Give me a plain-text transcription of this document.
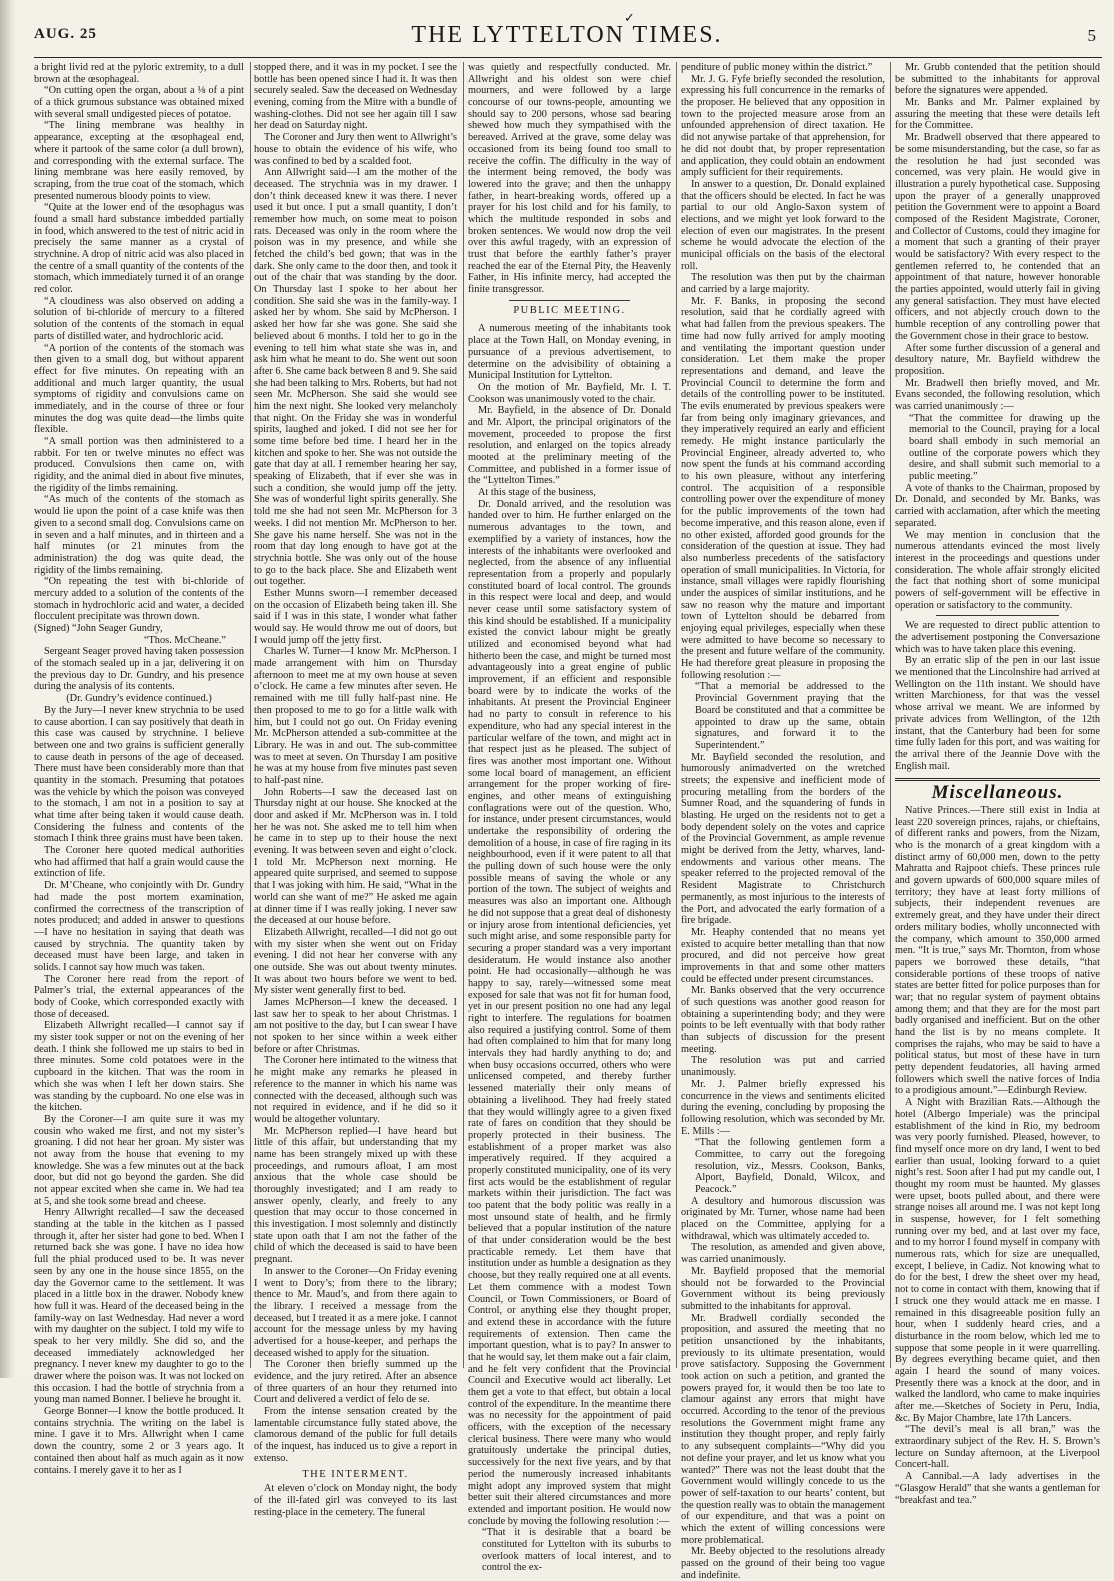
AUG. 25
✓
THE LYTTELTON TIMES.	5

a bright livid red at the pyloric extremity, to a dull brown at the œsophageal.

“On cutting open the organ, about a ⅛ of a pint of a thick grumous substance was obtained mixed with several small undigested pieces of potatoe.

“The lining membrane was healthy in appearance, excepting at the œsophageal end, where it partook of the same color (a dull brown), and corresponding with the external surface. The lining membrane was here easily removed, by scraping, from the true coat of the stomach, which presented numerous bloody points to view.

“Quite at the lower end of the œsophagus was found a small hard substance imbedded partially in food, which answered to the test of nitric acid in precisely the same manner as a crystal of strychnine. A drop of nitric acid was also placed in the centre of a small quantity of the contents of the stomach, which immediately turned it of an orange red color.

“A cloudiness was also observed on adding a solution of bi-chloride of mercury to a filtered solution of the contents of the stomach in equal parts of distilled water, and hydrochloric acid.

“A portion of the contents of the stomach was then given to a small dog, but without apparent effect for five minutes. On repeating with an additional and much larger quantity, the usual symptoms of rigidity and convulsions came on immediately, and in the course of three or four minutes the dog was quite dead—the limbs quite flexible.

“A small portion was then administered to a rabbit. For ten or twelve minutes no effect was produced. Convulsions then came on, with rigidity, and the animal died in about five minutes, the rigidity of the limbs remaining.

“As much of the contents of the stomach as would lie upon the point of a case knife was then given to a second small dog. Convulsions came on in seven and a half minutes, and in thirteen and a half minutes (or 21 minutes from the administration) the dog was quite dead, the rigidity of the limbs remaining.

“On repeating the test with bi-chloride of mercury added to a solution of the contents of the stomach in hydrochloric acid and water, a decided flocculent precipitate was thrown down.

(Signed) “John Seager Gundry,

“Thos. McCheane.”

Sergeant Seager proved having taken possession of the stomach sealed up in a jar, delivering it on the previous day to Dr. Gundry, and his presence during the analysis of its contents.

(Dr. Gundry’s evidence continued.)

By the Jury—I never knew strychnia to be used to cause abortion. I can say positively that death in this case was caused by strychnine. I believe between one and two grains is sufficient generally to cause death in persons of the age of deceased. There must have been considerably more than that quantity in the stomach. Presuming that potatoes was the vehicle by which the poison was conveyed to the stomach, I am not in a position to say at what time after being taken it would cause death. Considering the fulness and contents of the stomach I think three grains must have been taken.

The Coroner here quoted medical authorities who had affirmed that half a grain would cause the extinction of life.

Dr. M’Cheane, who conjointly with Dr. Gundry had made the post mortem examination, confirmed the correctness of the transcription of notes produced; and added in answer to questions—I have no hesitation in saying that death was caused by strychnia. The quantity taken by deceased must have been large, and taken in solids. I cannot say how much was taken.

The Coroner here read from the report of Palmer’s trial, the external appearances of the body of Cooke, which corresponded exactly with those of deceased.

Elizabeth Allwright recalled—I cannot say if my sister took supper or not on the evening of her death. I think she followed me up stairs to bed in three minutes. Some cold potatoes were in the cupboard in the kitchen. That was the room in which she was when I left her down stairs. She was standing by the cupboard. No one else was in the kitchen.

By the Coroner—I am quite sure it was my cousin who waked me first, and not my sister’s groaning. I did not hear her groan. My sister was not away from the house that evening to my knowledge. She was a few minutes out at the back door, but did not go beyond the garden. She did not appear excited when she came in. We had tea at 5, and she took some bread and cheese.

Henry Allwright recalled—I saw the deceased standing at the table in the kitchen as I passed through it, after her sister had gone to bed. When I returned back she was gone. I have no idea how full the phial produced used to be. It was never seen by any one in the house since 1855, on the day the Governor came to the settlement. It was placed in a little box in the drawer. Nobody knew how full it was. Heard of the deceased being in the family-way on last Wednesday. Had never a word with my daughter on the subject. I told my wife to speak to her very mildly. She did so, and the deceased immediately acknowledged her pregnancy. I never knew my daughter to go to the drawer where the poison was. It was not locked on this occasion. I had the bottle of strychnia from a young man named Bonner. I believe he brought it.

George Bonner—I know the bottle produced. It contains strychnia. The writing on the label is mine. I gave it to Mrs. Allwright when I came down the country, some 2 or 3 years ago. It contained then about half as much again as it now contains. I merely gave it to her as I

stopped there, and it was in my pocket. I see the bottle has been opened since I had it. It was then securely sealed. Saw the deceased on Wednesday evening, coming from the Mitre with a bundle of washing-clothes. Did not see her again till I saw her dead on Saturday night.

The Coroner and Jury then went to Allwright’s house to obtain the evidence of his wife, who was confined to bed by a scalded foot.

Ann Allwright said—I am the mother of the deceased. The strychnia was in my drawer. I don’t think deceased knew it was there. I never used it but once. I put a small quantity, I don’t remember how much, on some meat to poison rats. Deceased was only in the room where the poison was in my presence, and while she fetched the child’s bed gown; that was in the dark. She only came to the door then, and took it out of the chair that was standing by the door. On Thursday last I spoke to her about her condition. She said she was in the family-way. I asked her by whom. She said by McPherson. I asked her how far she was gone. She said she believed about 6 months. I told her to go in the evening to tell him what state she was in, and ask him what he meant to do. She went out soon after 6. She came back between 8 and 9. She said she had been talking to Mrs. Roberts, but had not seen Mr. McPherson. She said she would see him the next night. She looked very melancholy that night. On the Friday she was in wonderful spirits, laughed and joked. I did not see her for some time before bed time. I heard her in the kitchen and spoke to her. She was not outside the gate that day at all. I remember hearing her say, speaking of Elizabeth, that if ever she was in such a condition, she would jump off the jetty. She was of wonderful light spirits generally. She told me she had not seen Mr. McPherson for 3 weeks. I did not mention Mr. McPherson to her. She gave his name herself. She was not in the room that day long enough to have got at the strychnia bottle. She was only out of the house to go to the back place. She and Elizabeth went out together.

Esther Munns sworn—I remember deceased on the occasion of Elizabeth being taken ill. She said if I was in this state, I wonder what father would say. He would throw me out of doors, but I would jump off the jetty first.

Charles W. Turner—I know Mr. McPherson. I made arrangement with him on Thursday afternoon to meet me at my own house at seven o’clock. He came a few minutes after seven. He remained with me till fully half-past nine. He then proposed to me to go for a little walk with him, but I could not go out. On Friday evening Mr. McPherson attended a sub-committee at the Library. He was in and out. The sub-committee was to meet at seven. On Thursday I am positive he was at my house from five minutes past seven to half-past nine.

John Roberts—I saw the deceased last on Thursday night at our house. She knocked at the door and asked if Mr. McPherson was in. I told her he was not. She asked me to tell him when he came in to step up to their house the next evening. It was between seven and eight o’clock. I told Mr. McPherson next morning. He appeared quite surprised, and seemed to suppose that I was joking with him. He said, “What in the world can she want of me?” He asked me again at dinner time if I was really joking. I never saw the deceased at our house before.

Elizabeth Allwright, recalled—I did not go out with my sister when she went out on Friday evening. I did not hear her converse with any one outside. She was out about twenty minutes. It was about two hours before we went to bed. My sister went generally first to bed.

James McPherson—I knew the deceased. I last saw her to speak to her about Christmas. I am not positive to the day, but I can swear I have not spoken to her since within a week either before or after Christmas.

The Coroner here intimated to the witness that he might make any remarks he pleased in reference to the manner in which his name was connected with the deceased, although such was not required in evidence, and if he did so it would be altogether voluntary.

Mr. McPherson replied—I have heard but little of this affair, but understanding that my name has been strangely mixed up with these proceedings, and rumours afloat, I am most anxious that the whole case should be thoroughly investigated; and I am ready to answer openly, clearly, and freely to any question that may occur to those concerned in this investigation. I most solemnly and distinctly state upon oath that I am not the father of the child of which the deceased is said to have been pregnant.

In answer to the Coroner—On Friday evening I went to Dory’s; from there to the library; thence to Mr. Maud’s, and from there again to the library. I received a message from the deceased, but I treated it as a mere joke. I cannot account for the message unless by my having advertised for a house-keeper, and perhaps the deceased wished to apply for the situation.

The Coroner then briefly summed up the evidence, and the jury retired. After an absence of three quarters of an hour they returned into Court and delivered a verdict of felo de se.

From the intense sensation created by the lamentable circumstance fully stated above, the clamorous demand of the public for full details of the inquest, has induced us to give a report in extenso.

THE INTERMENT.

At eleven o’clock on Monday night, the body of the ill-fated girl was conveyed to its last resting-place in the cemetery. The funeral

was quietly and respectfully conducted. Mr. Allwright and his oldest son were chief mourners, and were followed by a large concourse of our towns-people, amounting we should say to 200 persons, whose sad bearing shewed how much they sympathised with the bereaved. Arrived at the grave, some delay was occasioned from its being found too small to receive the coffin. The difficulty in the way of the interment being removed, the body was lowered into the grave; and then the unhappy father, in heart-breaking words, offered up a prayer for his lost child and for his family, to which the multitude responded in sobs and broken sentences. We would now drop the veil over this awful tragedy, with an expression of trust that before the earthly father’s prayer reached the ear of the Eternal Pity, the Heavenly Father, in His infinite mercy, had accepted the finite transgressor.

PUBLIC MEETING.

A numerous meeting of the inhabitants took place at the Town Hall, on Monday evening, in pursuance of a previous advertisement, to determine on the advisibility of obtaining a Municipal Institution for Lyttelton.

On the motion of Mr. Bayfield, Mr. I. T. Cookson was unanimously voted to the chair.

Mr. Bayfield, in the absence of Dr. Donald and Mr. Alport, the principal originators of the movement, proceeded to propose the first resolution, and enlarged on the topics already mooted at the preliminary meeting of the Committee, and published in a former issue of the “Lyttelton Times.”

At this stage of the business,

Dr. Donald arrived, and the resolution was handed over to him. He further enlarged on the numerous advantages to the town, and exemplified by a variety of instances, how the interests of the inhabitants were overlooked and neglected, from the absence of any influential representation from a properly and popularly constituted board of local control. The grounds in this respect were local and deep, and would never cease until some satisfactory system of this kind should be established. If a municipality existed the convict labour might be greatly utilized and economised beyond what had hitherto been the case, and might be turned most advantageously into a great engine of public improvement, if an efficient and responsible board were by to indicate the works of the inhabitants. At present the Provincial Engineer had no party to consult in reference to his expenditure, who had any special interest in the particular welfare of the town, and might act in that respect just as he pleased. The subject of fires was another most important one. Without some local board of management, an efficient arrangement for the proper working of fire-engines, and other means of extinguishing conflagrations were out of the question. Who, for instance, under present circumstances, would undertake the responsibility of ordering the demolition of a house, in case of fire raging in its neighbourhood, even if it were patent to all that the pulling down of such house were the only possible means of saving the whole or any portion of the town. The subject of weights and measures was also an important one. Although he did not suppose that a great deal of dishonesty or injury arose from intentional deficiencies, yet such might arise, and some responsible party for securing a proper standard was a very important desideratum. He would instance also another point. He had occasionally—although he was happy to say, rarely—witnessed some meat exposed for sale that was not fit for human food, yet in our present position no one had any legal right to interfere. The regulations for boatmen also required a justifying control. Some of them had often complained to him that for many long intervals they had hardly anything to do; and when busy occasions occurred, others who were unlicensed competed, and thereby further lessened materially their only means of obtaining a livelihood. They had freely stated that they would willingly agree to a given fixed rate of fares on condition that they should be properly protected in their business. The establishment of a proper market was also imperatively required. If they acquired a properly constituted municipality, one of its very first acts would be the establishment of regular markets within their jurisdiction. The fact was too patent that the body politic was really in a most unsound state of health, and he firmly believed that a popular institution of the nature of that under consideration would be the best practicable remedy. Let them have that institution under as humble a designation as they choose, but they really required one at all events. Let them commence with a modest Town Council, or Town Commissioners, or Board of Control, or anything else they thought proper, and extend these in accordance with the future requirements of extension. Then came the important question, what is to pay? In answer to that he would say, let them make out a fair claim, and he felt very confident that the Provincial Council and Executive would act liberally. Let them get a vote to that effect, but obtain a local control of the expenditure. In the meantime there was no necessity for the appointment of paid officers, with the exception of the necessary clerical business. There were many who would gratuitously undertake the principal duties, successively for the next five years, and by that period the numerously increased inhabitants might adopt any improved system that might better suit their altered circumstances and more extended and important position. He would now conclude by moving the following resolution :—

“That it is desirable that a board be constituted for Lyttelton with its suburbs to overlook matters of local interest, and to control the ex-

penditure of public money within the district.”

Mr. J. G. Fyfe briefly seconded the resolution, expressing his full concurrence in the remarks of the proposer. He believed that any opposition in town to the projected measure arose from an unfounded apprehension of direct taxation. He did not anywise partake of that apprehension, for he did not doubt that, by proper representation and application, they could obtain an endowment amply sufficient for their requirements.

In answer to a question, Dr. Donald explained that the officers should be elected. In fact he was partial to our old Anglo-Saxon system of elections, and we might yet look forward to the election of even our magistrates. In the present scheme he would advocate the election of the municipal officials on the basis of the electoral roll.

The resolution was then put by the chairman and carried by a large majority.

Mr. F. Banks, in proposing the second resolution, said that he cordially agreed with what had fallen from the previous speakers. The time had now fully arrived for amply mooting and ventilating the important question under consideration. Let them make the proper representations and demand, and leave the Provincial Council to determine the form and details of the controlling power to be instituted. The evils enumerated by previous speakers were far from being only imaginary grievances, and they imperatively required an early and efficient remedy. He might instance particularly the Provincial Engineer, already adverted to, who now spent the funds at his command according to his own pleasure, without any interfering control. The acquisition of a responsible controlling power over the expenditure of money for the public improvements of the town had become imperative, and this reason alone, even if no other existed, afforded good grounds for the consideration of the question at issue. They had also numberless precedents of the satisfactory operation of small municipalities. In Victoria, for instance, small villages were rapidly flourishing under the auspices of similar institutions, and he saw no reason why the mature and important town of Lyttelton should be debarred from enjoying equal privileges, especially when these were admitted to have become so necessary to the present and future welfare of the community. He had therefore great pleasure in proposing the following resolution :—

“That a memorial be addressed to the Provincial Government praying that the Board be constituted and that a committee be appointed to draw up the same, obtain signatures, and forward it to the Superintendent.”

Mr. Bayfield seconded the resolution, and humorously animadverted on the wretched streets; the expensive and inefficient mode of procuring metalling from the borders of the Sumner Road, and the squandering of funds in blasting. He urged on the residents not to get a body dependent solely on the votes and caprice of the Provincial Government, as ample revenue might be derived from the Jetty, wharves, land-endowments and various other means. The speaker referred to the projected removal of the Resident Magistrate to Christchurch permanently, as most injurious to the interests of the Port, and advocated the early formation of a fire brigade.

Mr. Heaphy contended that no means yet existed to acquire better metalling than that now procured, and did not perceive how great improvements in that and some other matters could be effected under present circumstances.

Mr. Banks observed that the very occurrence of such questions was another good reason for obtaining a superintending body; and they were points to be left eventually with that body rather than subjects of discussion for the present meeting.

The resolution was put and carried unanimously.

Mr. J. Palmer briefly expressed his concurrence in the views and sentiments elicited during the evening, concluding by proposing the following resolution, which was seconded by Mr. E. Mills :—

“That the following gentlemen form a Committee, to carry out the foregoing resolution, viz., Messrs. Cookson, Banks, Alport, Bayfield, Donald, Wilcox, and Peacock.”

A desultory and humorous discussion was originated by Mr. Turner, whose name had been placed on the Committee, applying for a withdrawal, which was ultimately acceded to.

The resolution, as amended and given above, was carried unanimously.

Mr. Bayfield proposed that the memorial should not be forwarded to the Provincial Government without its being previously submitted to the inhabitants for approval.

Mr. Bradwell cordially seconded the proposition, and assured the meeting that no petition unsanctioned by the inhabitants, previously to its ultimate presentation, would prove satisfactory. Supposing the Government took action on such a petition, and granted the powers prayed for, it would then be too late to clamour against any errors that might have occurred. According to the tenor of the previous resolutions the Government might frame any institution they thought proper, and reply fairly to any subsequent complaints—“Why did you not define your prayer, and let us know what you wanted?” There was not the least doubt that the Government would willingly concede to us the power of self-taxation to our hearts’ content, but the question really was to obtain the management of our expenditure, and that was a point on which the extent of willing concessions were more problematical.

Mr. Beeby objected to the resolutions already passed on the ground of their being too vague and indefinite.

Mr. Grubb contended that the petition should be submitted to the inhabitants for approval before the signatures were appended.

Mr. Banks and Mr. Palmer explained by assuring the meeting that these were details left for the Committee.

Mr. Bradwell observed that there appeared to be some misunderstanding, but the case, so far as the resolution he had just seconded was concerned, was very plain. He would give in illustration a purely hypothetical case. Supposing upon the prayer of a generally unapproved petition the Government were to appoint a Board composed of the Resident Magistrate, Coroner, and Collector of Customs, could they imagine for a moment that such a granting of their prayer would be satisfactory? With every respect to the gentlemen referred to, he contended that an appointment of that nature, however honorable the parties appointed, would utterly fail in giving any general satisfaction. They must have elected officers, and not abjectly crouch down to the humble reception of any controlling power that the Government chose in their grace to bestow.

After some further discussion of a general and desultory nature, Mr. Bayfield withdrew the proposition.

Mr. Bradwell then briefly moved, and Mr. Evans seconded, the following resolution, which was carried unanimously :—

“That the committee for drawing up the memorial to the Council, praying for a local board shall embody in such memorial an outline of the corporate powers which they desire, and shall submit such memorial to a public meeting.”

A vote of thanks to the Chairman, proposed by Dr. Donald, and seconded by Mr. Banks, was carried with acclamation, after which the meeting separated.

We may mention in conclusion that the numerous attendants evinced the most lively interest in the proceedings and questions under consideration. The whole affair strongly elicited the fact that nothing short of some municipal powers of self-government will be effective in operation or satisfactory to the community.

We are requested to direct public attention to the advertisement postponing the Conversazione which was to have taken place this evening.

By an erratic slip of the pen in our last issue we mentioned that the Lincolnshire had arrived at Wellington on the 11th instant. We should have written Marchioness, for that was the vessel whose arrival we meant. We are informed by private advices from Wellington, of the 12th instant, that the Canterbury had been for some time fully laden for this port, and was waiting for the arrival there of the Jeannie Dove with the English mail.

Miscellaneous.

Native Princes.—There still exist in India at least 220 sovereign princes, rajahs, or chieftains, of different ranks and powers, from the Nizam, who is the monarch of a great kingdom with a distinct army of 60,000 men, down to the petty Mahratta and Rajpoot chiefs. These princes rule and govern upwards of 600,000 square miles of territory; they have at least forty millions of subjects, their independent revenues are extremely great, and they have under their direct orders military bodies, wholly unconnected with the company, which amount to 350,000 armed men. “It is true,” says Mr. Thornton, from whose papers we borrowed these details, “that considerable portions of these troops of native states are better fitted for police purposes than for war; that no regular system of payment obtains among them; and that they are for the most part badly organised and inefficient. But on the other hand the list is by no means complete. It comprises the rajahs, who may be said to have a political status, but most of these have in turn petty dependent feudatories, all having armed followers which swell the native forces of India to a prodigious amount.”—Edinburgh Review.

A Night with Brazilian Rats.—Although the hotel (Albergo Imperiale) was the principal establishment of the kind in Rio, my bedroom was very poorly furnished. Pleased, however, to find myself once more on dry land, I went to bed earlier than usual, looking forward to a quiet night’s rest. Soon after I had put my candle out, I thought my room must be haunted. My glasses were upset, boots pulled about, and there were strange noises all around me. I was not kept long in suspense, however, for I felt something running over my bed, and at last over my face, and to my horror I found myself in company with numerous rats, which for size are unequalled, except, I believe, in Cadiz. Not knowing what to do for the best, I drew the sheet over my head, not to come in contact with them, knowing that if I struck one they would attack me en masse. I remained in this disagreeable position fully an hour, when I suddenly heard cries, and a disturbance in the room below, which led me to suppose that some people in it were quarrelling. By degrees everything became quiet, and then again I heard the sound of many voices. Presently there was a knock at the door, and in walked the landlord, who came to make inquiries after me.—Sketches of Society in Peru, India, &c. By Major Chambre, late 17th Lancers.

“The devil’s meal is all bran,” was the extraordinary subject of the Rev. H. S. Brown’s lecture on Sunday afternoon, at the Liverpool Concert-hall.

A Cannibal.—A lady advertises in the “Glasgow Herald” that she wants a gentleman for “breakfast and tea.”
